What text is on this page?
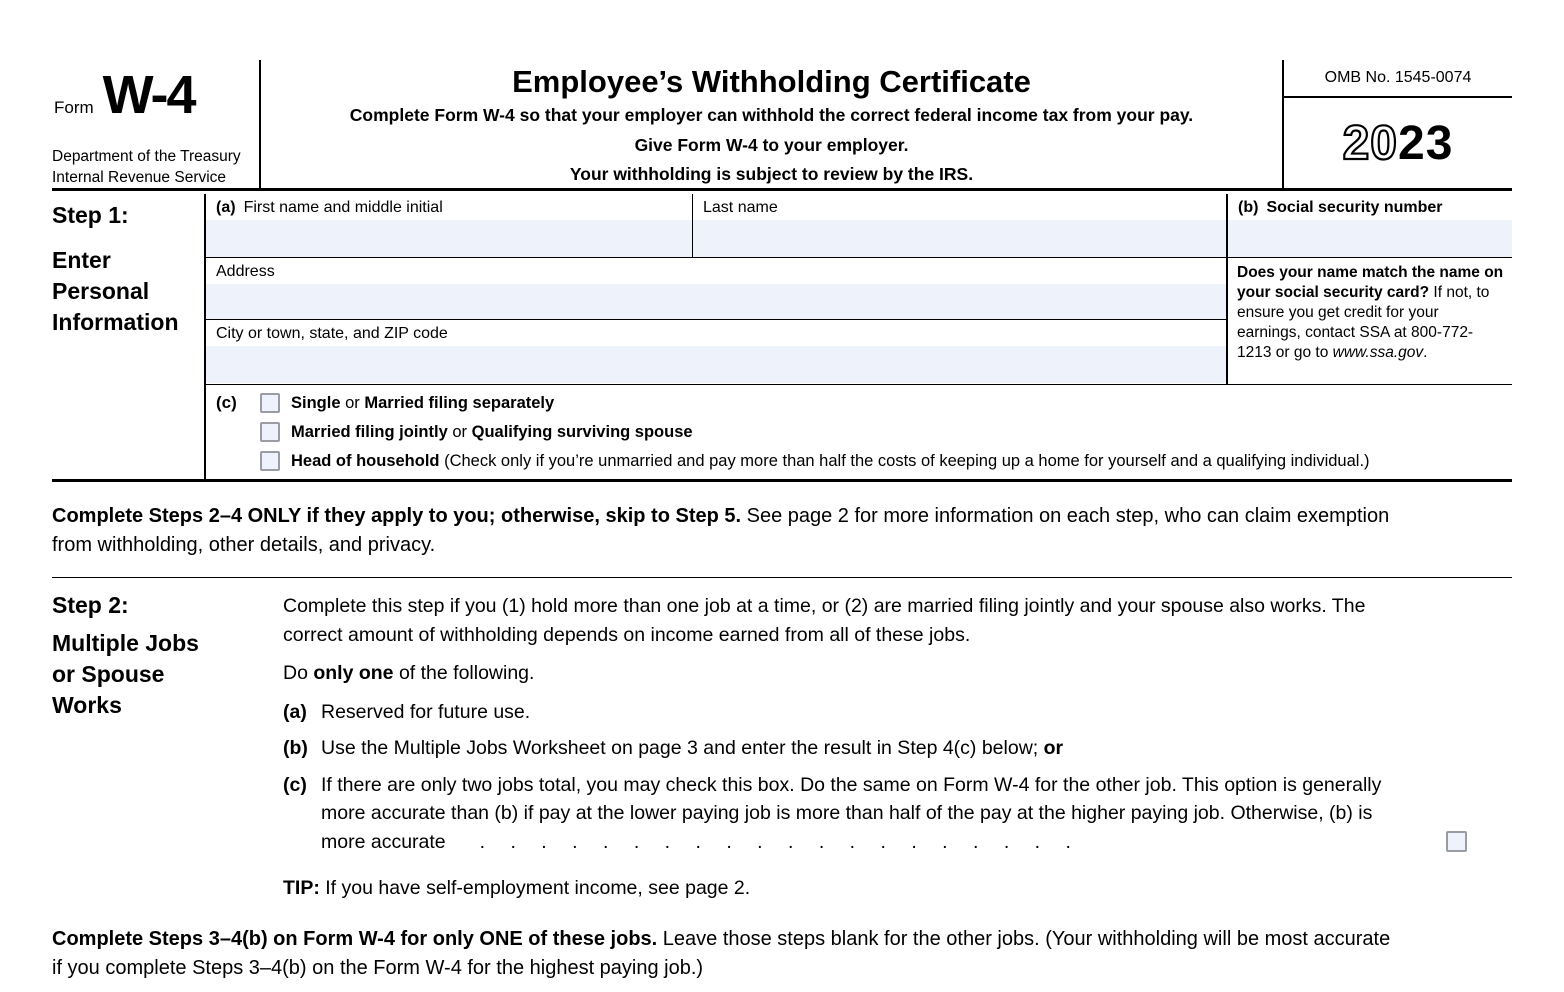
Form W-4
Department of the Treasury
Internal Revenue Service
Employee’s Withholding Certificate
Complete Form W-4 so that your employer can withhold the correct federal income tax from your pay.
Give Form W-4 to your employer.
Your withholding is subject to review by the IRS.
OMB No. 1545-0074
20 23
Step 1:
Enter Personal Information
(a) First name and middle initial	Last name
Address
City or town, state, and ZIP code
(b) Social security number
Does your name match the name on your social security card? If not, to ensure you get credit for your earnings, contact SSA at 800-772-1213 or go to www.ssa.gov.
(c)	Single or Married filing separately
Married filing jointly or Qualifying surviving spouse
Head of household (Check only if you’re unmarried and pay more than half the costs of keeping up a home for yourself and a qualifying individual.)
Complete Steps 2–4 ONLY if they apply to you; otherwise, skip to Step 5. See page 2 for more information on each step, who can claim exemption from withholding, other details, and privacy.
Step 2:
Multiple Jobs or Spouse Works

Complete this step if you (1) hold more than one job at a time, or (2) are married filing jointly and your spouse also works. The correct amount of withholding depends on income earned from all of these jobs.

Do only one of the following.

(a) Reserved for future use.
(b) Use the Multiple Jobs Worksheet on page 3 and enter the result in Step 4(c) below; or
(c) If there are only two jobs total, you may check this box. Do the same on Form W-4 for the other job. This option is generally more accurate than (b) if pay at the lower paying job is more than half of the pay at the higher paying job. Otherwise, (b) is more accurate . . . . . . . . . . . . . . . . . . . .
TIP: If you have self-employment income, see page 2.
Complete Steps 3–4(b) on Form W-4 for only ONE of these jobs. Leave those steps blank for the other jobs. (Your withholding will be most accurate if you complete Steps 3–4(b) on the Form W-4 for the highest paying job.)
